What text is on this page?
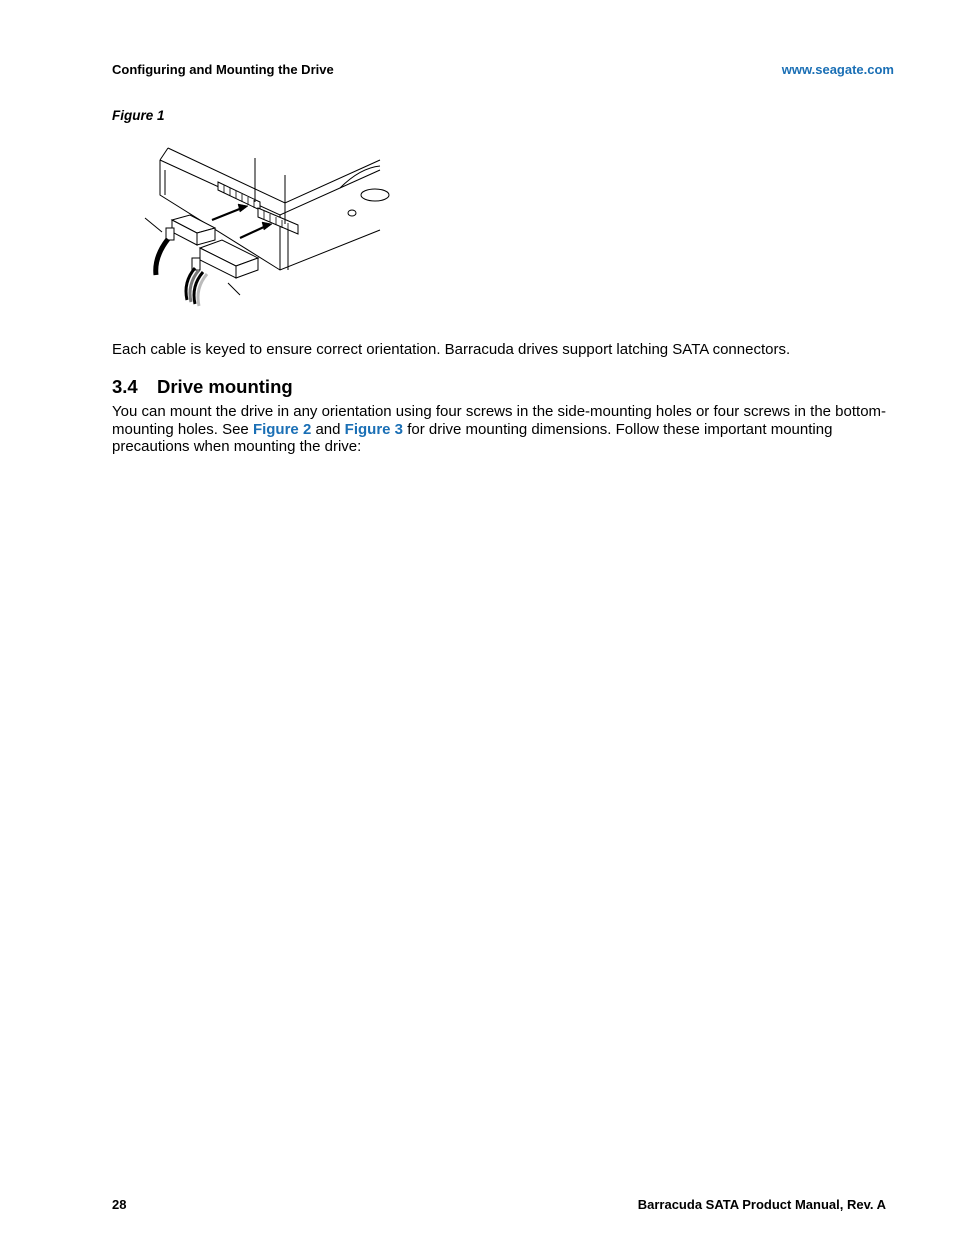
Configuring and Mounting the Drive	www.seagate.com
Figure 1
Each cable is keyed to ensure correct orientation. Barracuda drives support latching SATA connectors.
3.4 Drive mounting
You can mount the drive in any orientation using four screws in the side-mounting holes or four screws in the bottom-mounting holes. See Figure 2 and Figure 3 for drive mounting dimensions. Follow these important mounting precautions when mounting the drive:
28	Barracuda SATA Product Manual, Rev. A
